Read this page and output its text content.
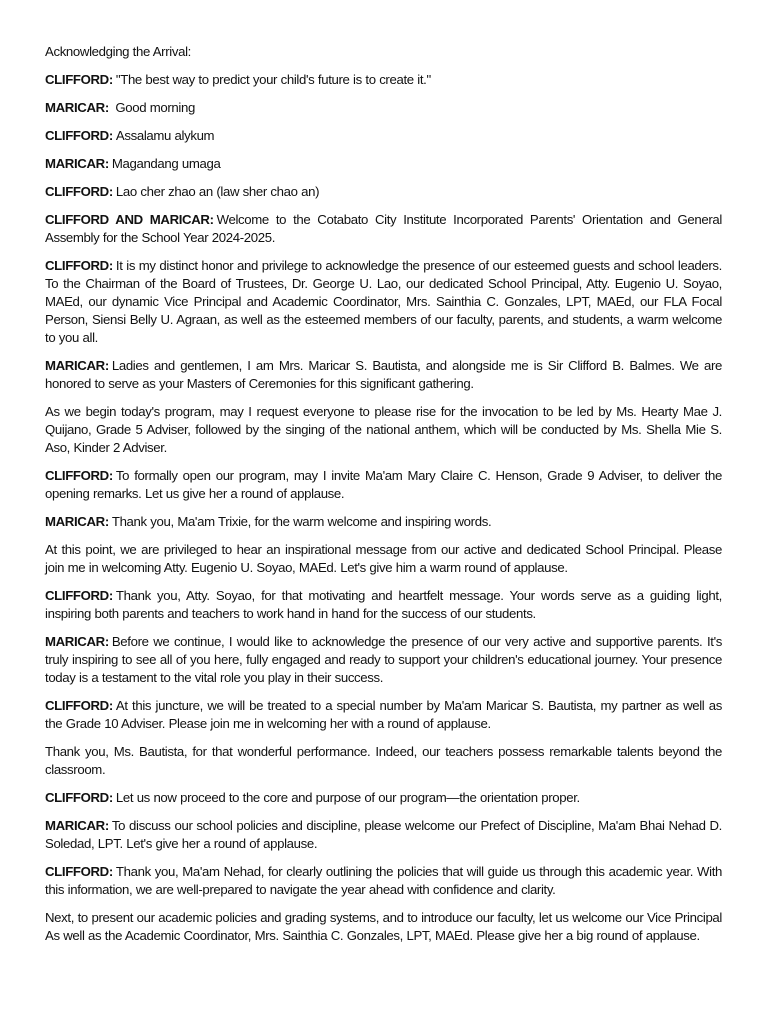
Acknowledging the Arrival:

CLIFFORD: "The best way to predict your child's future is to create it."

MARICAR: Good morning

CLIFFORD: Assalamu alykum

MARICAR: Magandang umaga

CLIFFORD: Lao cher zhao an (law sher chao an)

CLIFFORD AND MARICAR: Welcome to the Cotabato City Institute Incorporated Parents' Orientation and General Assembly for the School Year 2024-2025.

CLIFFORD: It is my distinct honor and privilege to acknowledge the presence of our esteemed guests and school leaders. To the Chairman of the Board of Trustees, Dr. George U. Lao, our dedicated School Principal, Atty. Eugenio U. Soyao, MAEd, our dynamic Vice Principal and Academic Coordinator, Mrs. Sainthia C. Gonzales, LPT, MAEd, our FLA Focal Person, Siensi Belly U. Agraan, as well as the esteemed members of our faculty, parents, and students, a warm welcome to you all.

MARICAR: Ladies and gentlemen, I am Mrs. Maricar S. Bautista, and alongside me is Sir Clifford B. Balmes. We are honored to serve as your Masters of Ceremonies for this significant gathering.

As we begin today's program, may I request everyone to please rise for the invocation to be led by Ms. Hearty Mae J. Quijano, Grade 5 Adviser, followed by the singing of the national anthem, which will be conducted by Ms. Shella Mie S. Aso, Kinder 2 Adviser.

CLIFFORD: To formally open our program, may I invite Ma'am Mary Claire C. Henson, Grade 9 Adviser, to deliver the opening remarks. Let us give her a round of applause.

MARICAR: Thank you, Ma'am Trixie, for the warm welcome and inspiring words.

At this point, we are privileged to hear an inspirational message from our active and dedicated School Principal. Please join me in welcoming Atty. Eugenio U. Soyao, MAEd. Let's give him a warm round of applause.

CLIFFORD: Thank you, Atty. Soyao, for that motivating and heartfelt message. Your words serve as a guiding light, inspiring both parents and teachers to work hand in hand for the success of our students.

MARICAR: Before we continue, I would like to acknowledge the presence of our very active and supportive parents. It's truly inspiring to see all of you here, fully engaged and ready to support your children's educational journey. Your presence today is a testament to the vital role you play in their success.

CLIFFORD: At this juncture, we will be treated to a special number by Ma'am Maricar S. Bautista, my partner as well as the Grade 10 Adviser. Please join me in welcoming her with a round of applause.

Thank you, Ms. Bautista, for that wonderful performance. Indeed, our teachers possess remarkable talents beyond the classroom.

CLIFFORD: Let us now proceed to the core and purpose of our program—the orientation proper.

MARICAR: To discuss our school policies and discipline, please welcome our Prefect of Discipline, Ma'am Bhai Nehad D. Soledad, LPT. Let's give her a round of applause.

CLIFFORD: Thank you, Ma'am Nehad, for clearly outlining the policies that will guide us through this academic year. With this information, we are well-prepared to navigate the year ahead with confidence and clarity.

Next, to present our academic policies and grading systems, and to introduce our faculty, let us welcome our Vice Principal As well as the Academic Coordinator, Mrs. Sainthia C. Gonzales, LPT, MAEd. Please give her a big round of applause.
